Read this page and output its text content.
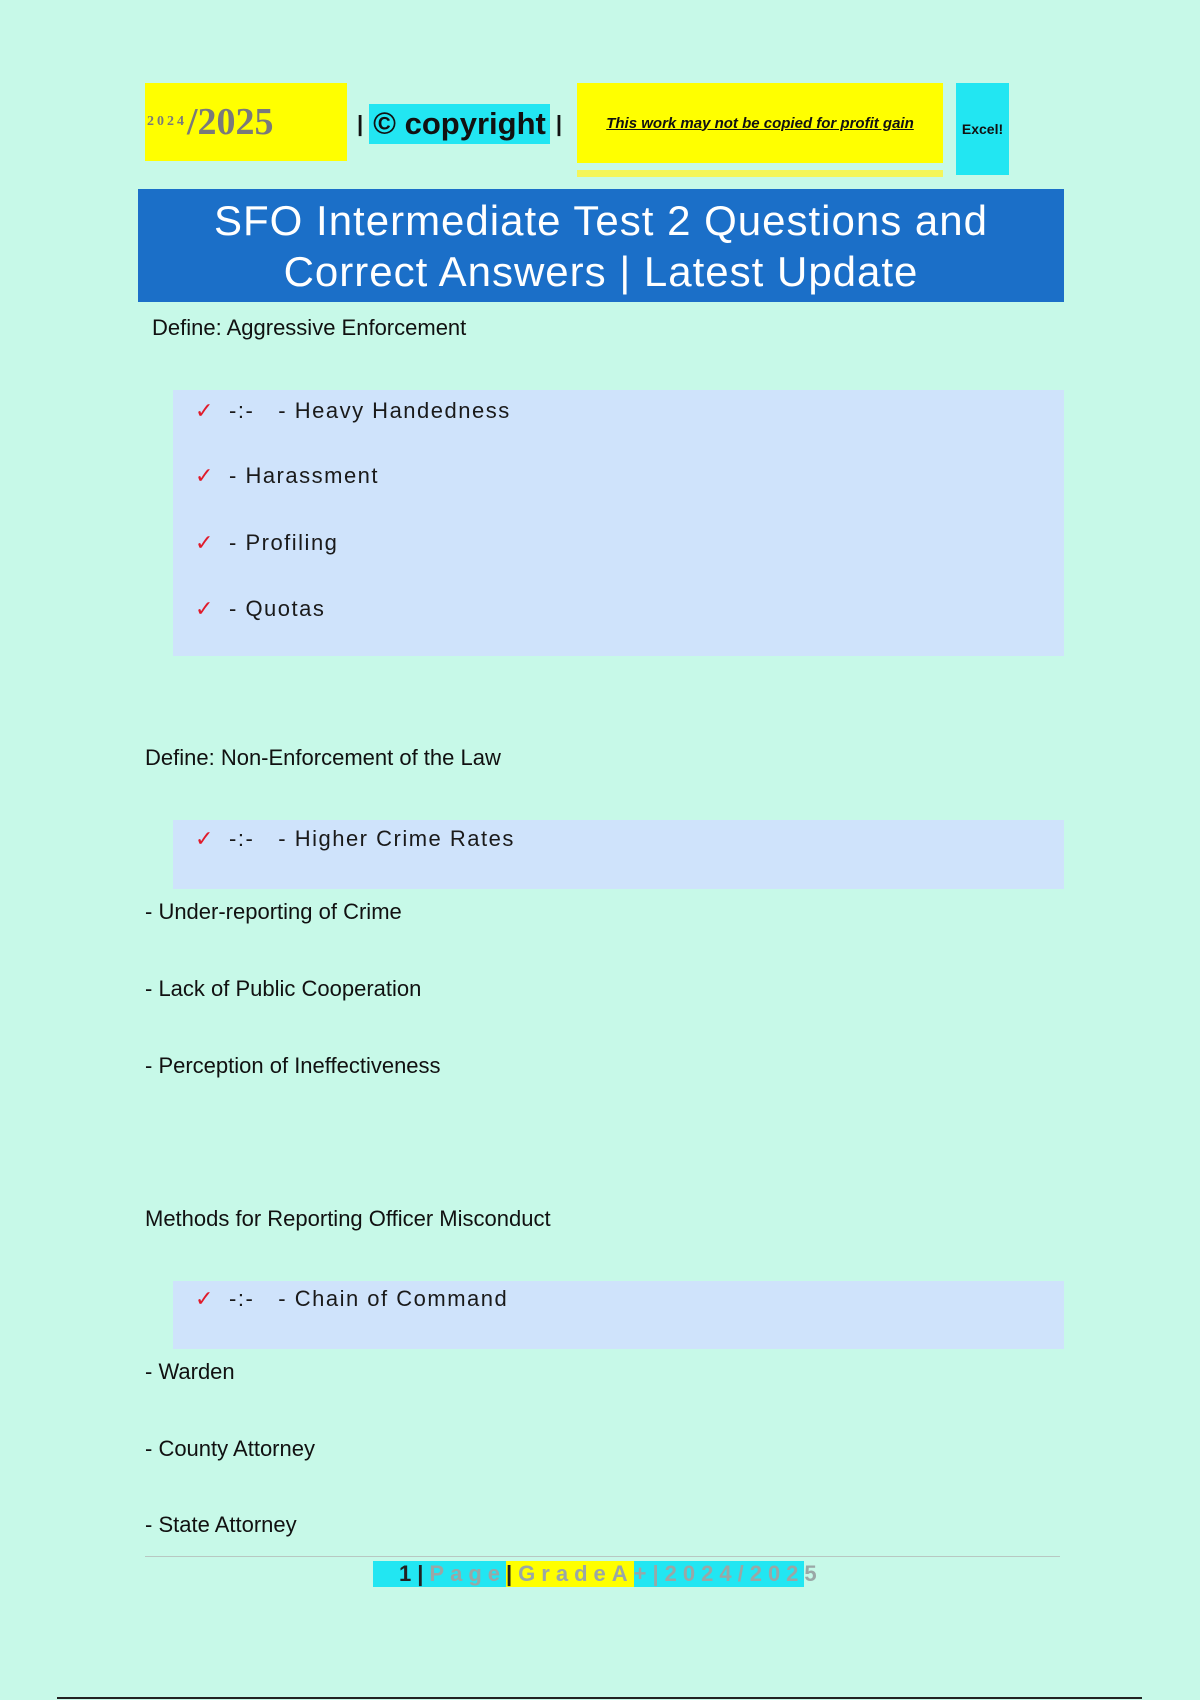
2024 /2025	| © copyright |	This work may not be copied for profit gain	Excel!
SFO Intermediate Test 2 Questions and
Correct Answers | Latest Update
Define: Aggressive Enforcement
✓ -:- - Heavy Handedness
✓ - Harassment
✓ - Profiling
✓ - Quotas
Define: Non-Enforcement of the Law
✓ -:- - Higher Crime Rates
- Under-reporting of Crime
- Lack of Public Cooperation
- Perception of Ineffectiveness
Methods for Reporting Officer Misconduct
✓ -:- - Chain of Command
- Warden
- County Attorney
- State Attorney
1 | Page | GradeA + | 2024/202 5
